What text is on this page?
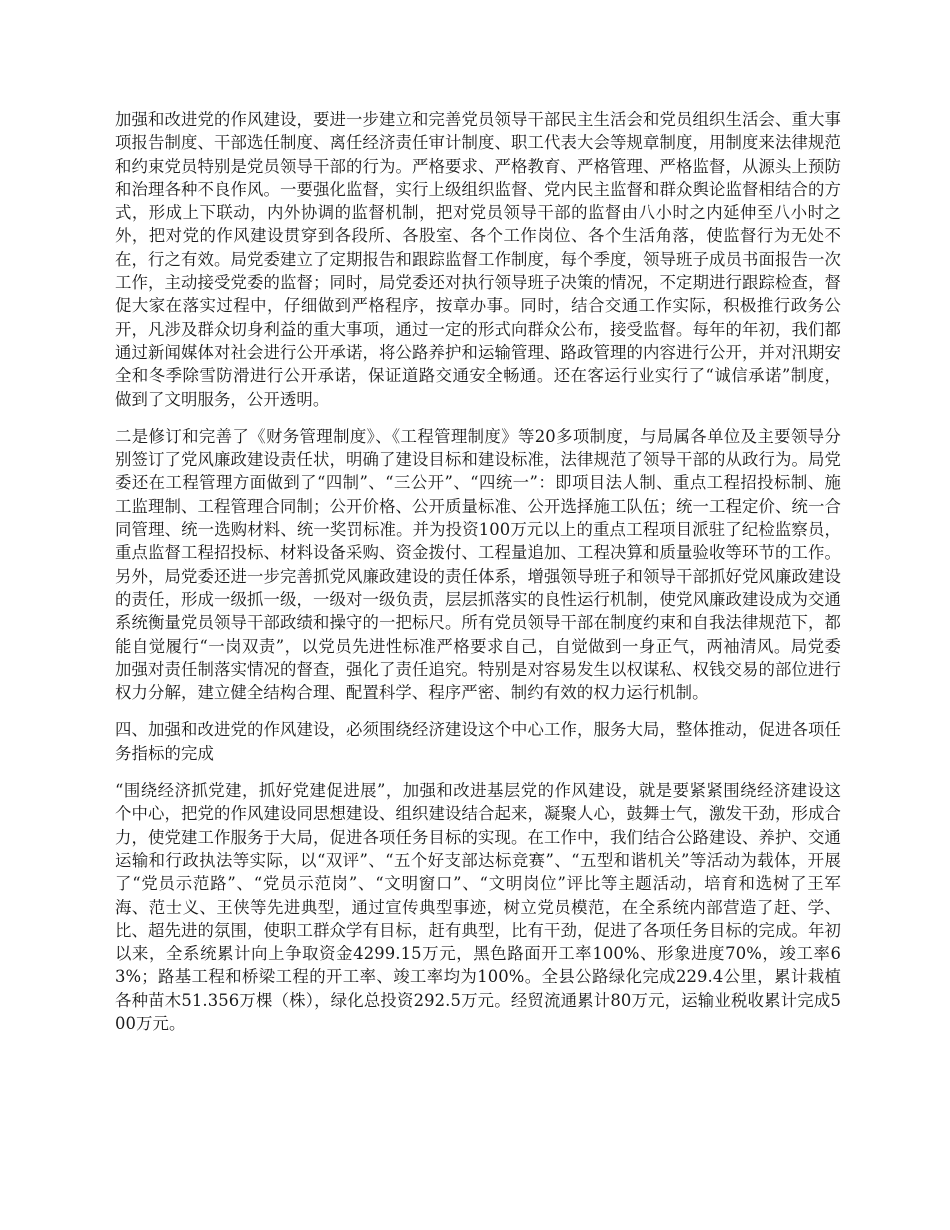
加强和改进党的作风建设，要进一步建立和完善党员领导干部民主生活会和党员组织生活会、重大事项报告制度、干部选任制度、离任经济责任审计制度、职工代表大会等规章制度，用制度来法律规范和约束党员特别是党员领导干部的行为。严格要求、严格教育、严格管理、严格监督，从源头上预防和治理各种不良作风。一要强化监督，实行上级组织监督、党内民主监督和群众舆论监督相结合的方式，形成上下联动，内外协调的监督机制，把对党员领导干部的监督由八小时之内延伸至八小时之外，把对党的作风建设贯穿到各段所、各股室、各个工作岗位、各个生活角落，使监督行为无处不在，行之有效。局党委建立了定期报告和跟踪监督工作制度，每个季度，领导班子成员书面报告一次工作，主动接受党委的监督；同时，局党委还对执行领导班子决策的情况，不定期进行跟踪检查，督促大家在落实过程中，仔细做到严格程序，按章办事。同时，结合交通工作实际，积极推行政务公开，凡涉及群众切身利益的重大事项，通过一定的形式向群众公布，接受监督。每年的年初，我们都通过新闻媒体对社会进行公开承诺，将公路养护和运输管理、路政管理的内容进行公开，并对汛期安全和冬季除雪防滑进行公开承诺，保证道路交通安全畅通。还在客运行业实行了“诚信承诺”制度，做到了文明服务，公开透明。

二是修订和完善了《财务管理制度》、《工程管理制度》等20多项制度，与局属各单位及主要领导分别签订了党风廉政建设责任状，明确了建设目标和建设标准，法律规范了领导干部的从政行为。局党委还在工程管理方面做到了“四制”、“三公开”、“四统一”：即项目法人制、重点工程招投标制、施工监理制、工程管理合同制；公开价格、公开质量标准、公开选择施工队伍；统一工程定价、统一合同管理、统一选购材料、统一奖罚标准。并为投资100万元以上的重点工程项目派驻了纪检监察员，重点监督工程招投标、材料设备采购、资金拨付、工程量追加、工程决算和质量验收等环节的工作。另外，局党委还进一步完善抓党风廉政建设的责任体系，增强领导班子和领导干部抓好党风廉政建设的责任，形成一级抓一级，一级对一级负责，层层抓落实的良性运行机制，使党风廉政建设成为交通系统衡量党员领导干部政绩和操守的一把标尺。所有党员领导干部在制度约束和自我法律规范下，都能自觉履行“一岗双责”，以党员先进性标准严格要求自己，自觉做到一身正气，两袖清风。局党委加强对责任制落实情况的督查，强化了责任追究。特别是对容易发生以权谋私、权钱交易的部位进行权力分解，建立健全结构合理、配置科学、程序严密、制约有效的权力运行机制。

四、加强和改进党的作风建设，必须围绕经济建设这个中心工作，服务大局，整体推动，促进各项任务指标的完成

“围绕经济抓党建，抓好党建促进展”，加强和改进基层党的作风建设，就是要紧紧围绕经济建设这个中心，把党的作风建设同思想建设、组织建设结合起来，凝聚人心，鼓舞士气，激发干劲，形成合力，使党建工作服务于大局，促进各项任务目标的实现。在工作中，我们结合公路建设、养护、交通运输和行政执法等实际，以“双评”、“五个好支部达标竞赛”、“五型和谐机关”等活动为载体，开展了“党员示范路”、“党员示范岗”、“文明窗口”、“文明岗位”评比等主题活动，培育和选树了王军海、范士义、王侠等先进典型，通过宣传典型事迹，树立党员模范，在全系统内部营造了赶、学、比、超先进的氛围，使职工群众学有目标，赶有典型，比有干劲，促进了各项任务目标的完成。年初以来，全系统累计向上争取资金4299.15万元，黑色路面开工率100%、形象进度70%，竣工率63%；路基工程和桥梁工程的开工率、竣工率均为100%。全县公路绿化完成229.4公里，累计栽植各种苗木51.356万棵（株），绿化总投资292.5万元。经贸流通累计80万元，运输业税收累计完成500万元。
